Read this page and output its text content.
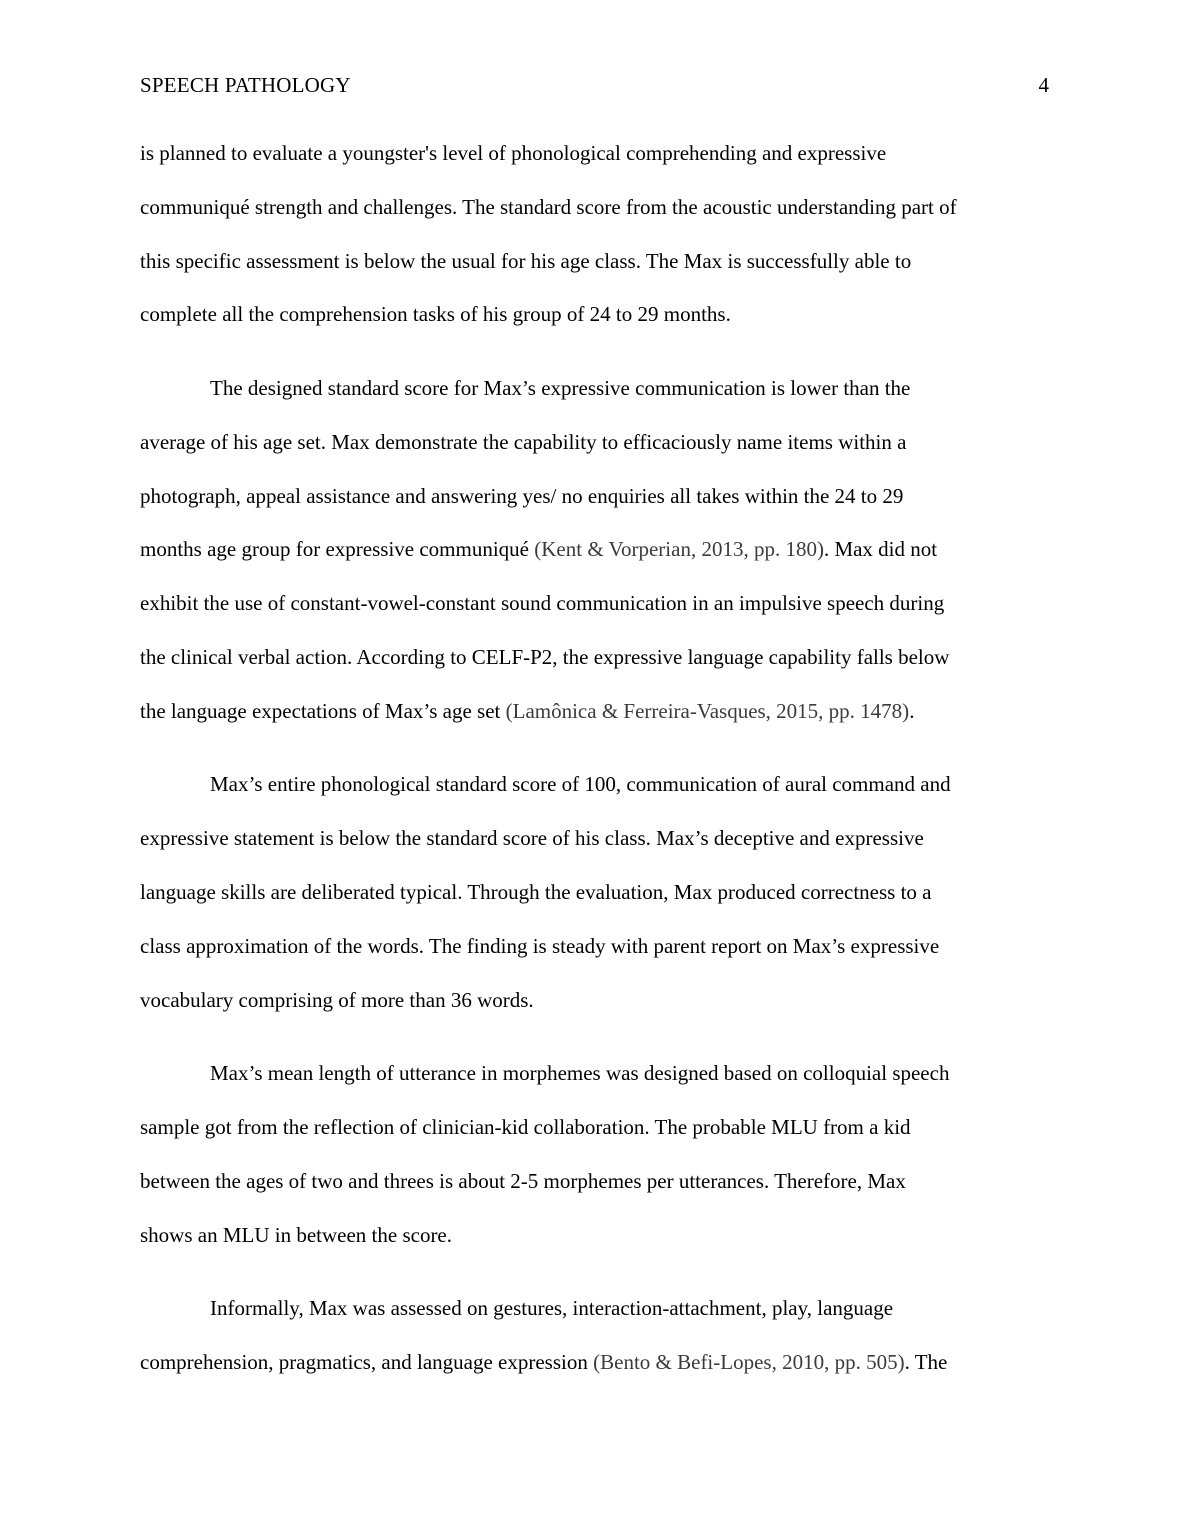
SPEECH PATHOLOGY	4
is planned to evaluate a youngster's level of phonological comprehending and expressive
communiqué strength and challenges. The standard score from the acoustic understanding part of
this specific assessment is below the usual for his age class. The Max is successfully able to
complete all the comprehension tasks of his group of 24 to 29 months.
The designed standard score for Max’s expressive communication is lower than the
average of his age set. Max demonstrate the capability to efficaciously name items within a
photograph, appeal assistance and answering yes/ no enquiries all takes within the 24 to 29
months age group for expressive communiqué (Kent & Vorperian, 2013, pp. 180). Max did not
exhibit the use of constant-vowel-constant sound communication in an impulsive speech during
the clinical verbal action. According to CELF-P2, the expressive language capability falls below
the language expectations of Max’s age set (Lamônica & Ferreira-Vasques, 2015, pp. 1478).
Max’s entire phonological standard score of 100, communication of aural command and
expressive statement is below the standard score of his class. Max’s deceptive and expressive
language skills are deliberated typical. Through the evaluation, Max produced correctness to a
class approximation of the words. The finding is steady with parent report on Max’s expressive
vocabulary comprising of more than 36 words.
Max’s mean length of utterance in morphemes was designed based on colloquial speech
sample got from the reflection of clinician-kid collaboration. The probable MLU from a kid
between the ages of two and threes is about 2-5 morphemes per utterances. Therefore, Max
shows an MLU in between the score.
Informally, Max was assessed on gestures, interaction-attachment, play, language
comprehension, pragmatics, and language expression (Bento & Befi-Lopes, 2010, pp. 505). The
